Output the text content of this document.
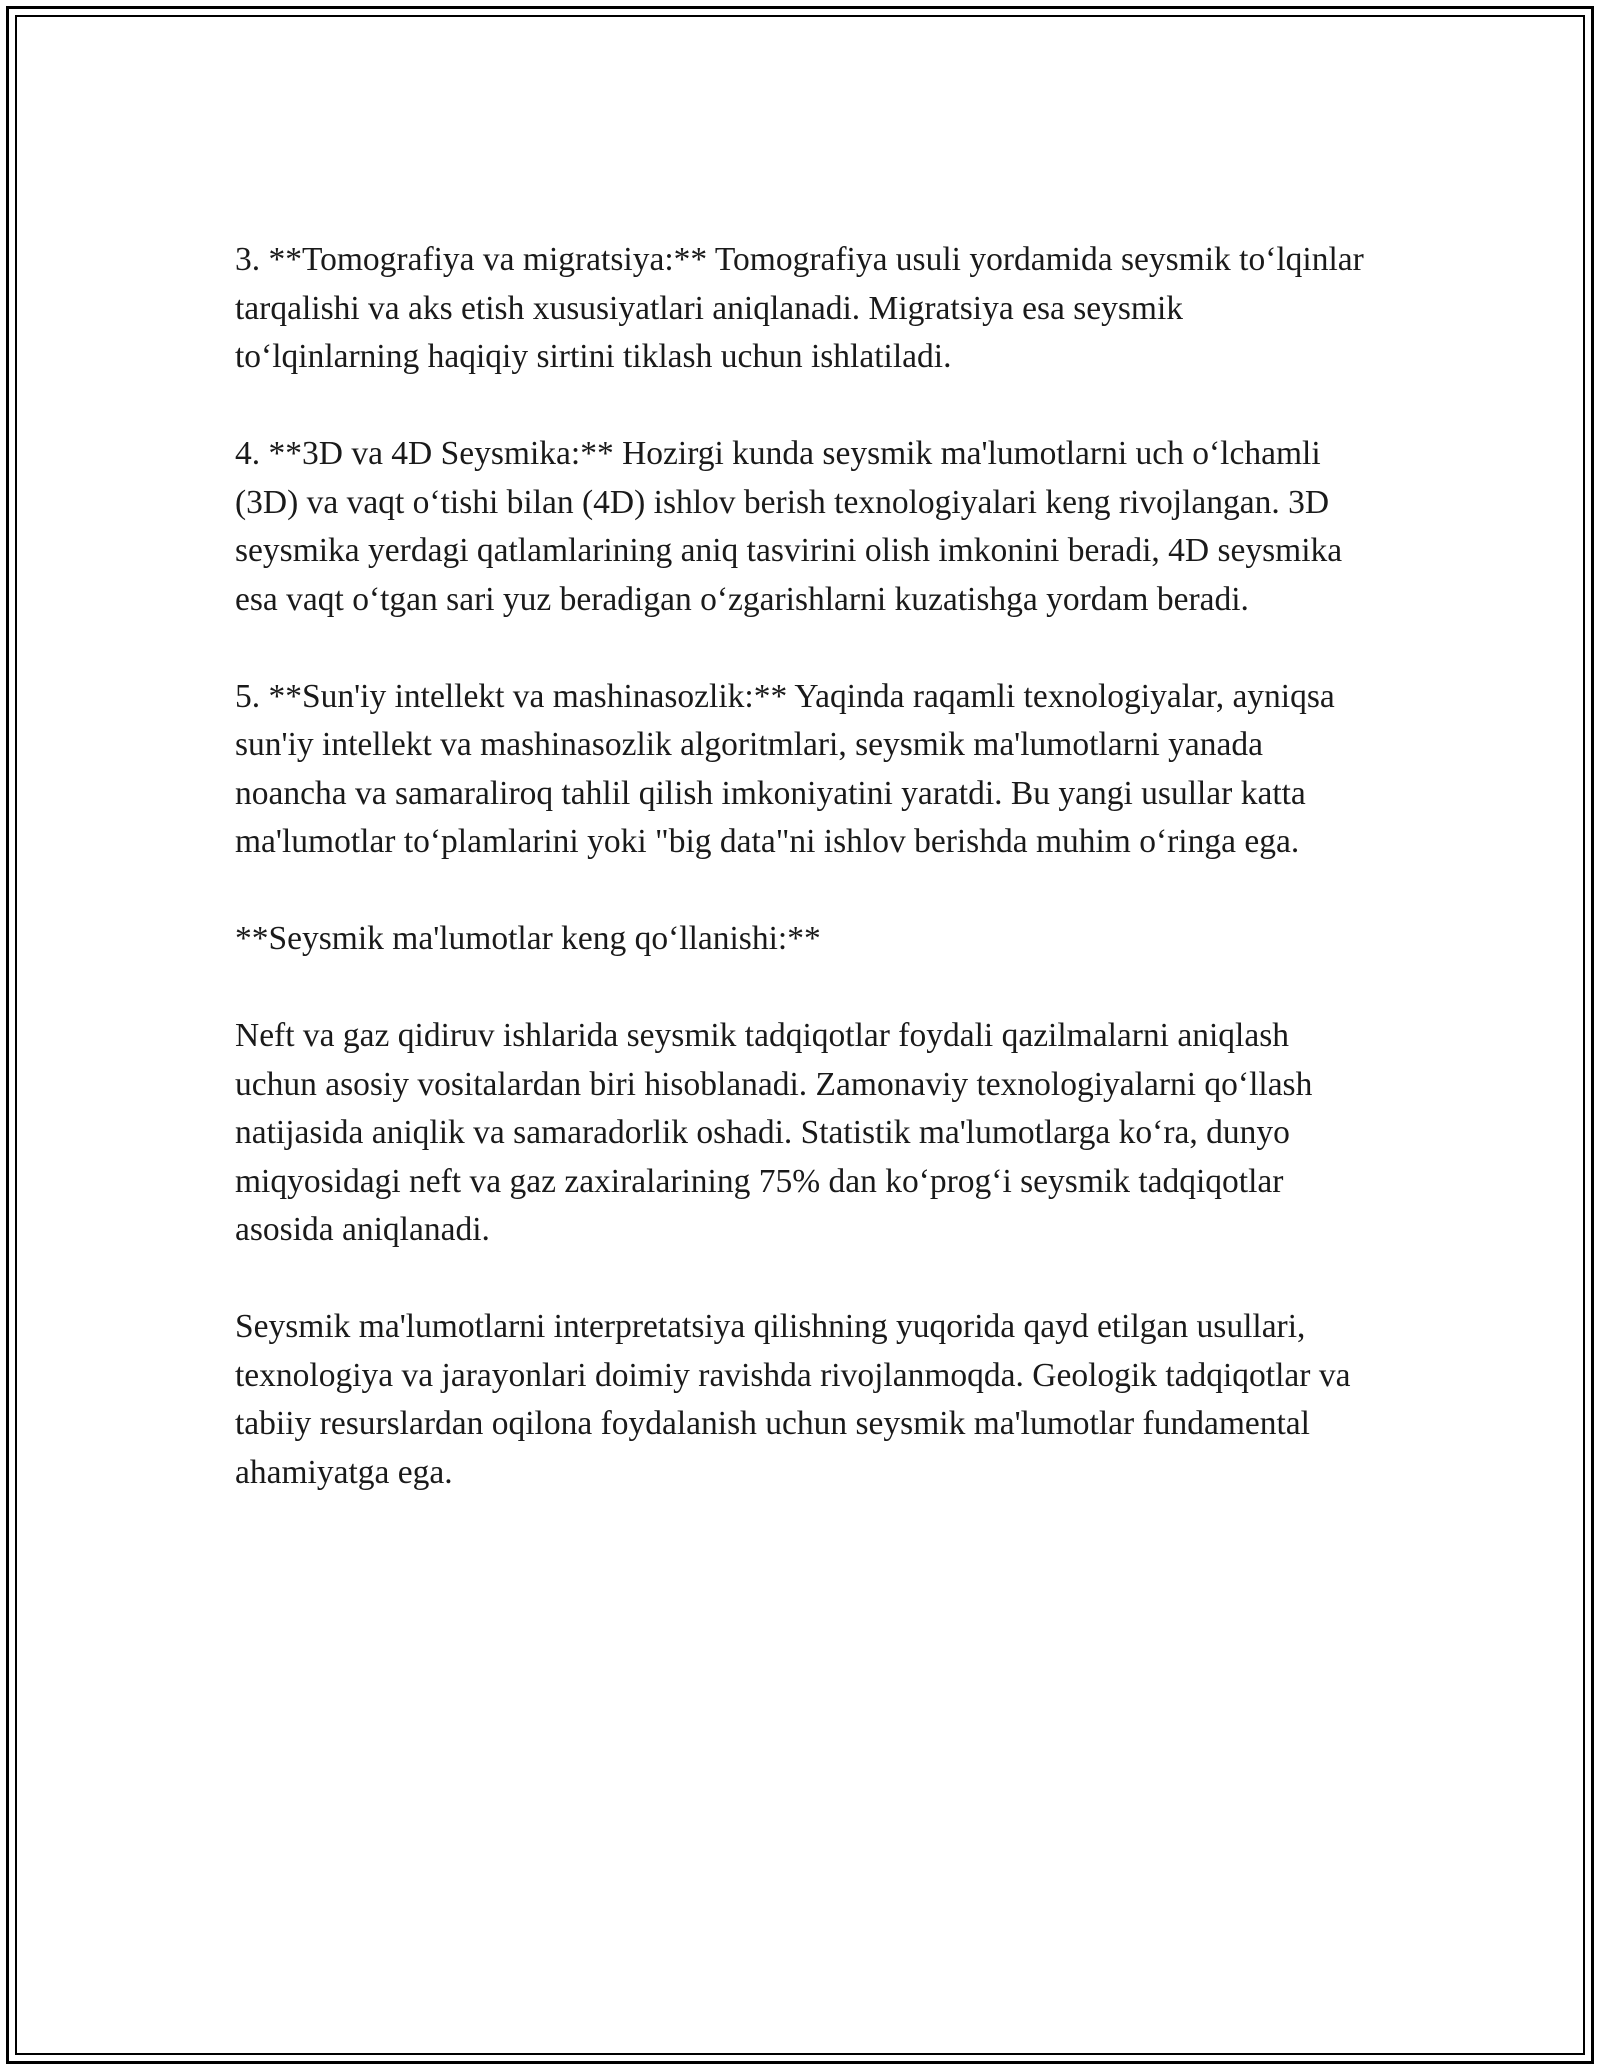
3. **Tomografiya va migratsiya:** Tomografiya usuli yordamida seysmik to‘lqinlar tarqalishi va aks etish xususiyatlari aniqlanadi. Migratsiya esa seysmik to‘lqinlarning haqiqiy sirtini tiklash uchun ishlatiladi.

4. **3D va 4D Seysmika:** Hozirgi kunda seysmik ma'lumotlarni uch o‘lchamli (3D) va vaqt o‘tishi bilan (4D) ishlov berish texnologiyalari keng rivojlangan. 3D seysmika yerdagi qatlamlarining aniq tasvirini olish imkonini beradi, 4D seysmika esa vaqt o‘tgan sari yuz beradigan o‘zgarishlarni kuzatishga yordam beradi.

5. **Sun'iy intellekt va mashinasozlik:** Yaqinda raqamli texnologiyalar, ayniqsa sun'iy intellekt va mashinasozlik algoritmlari, seysmik ma'lumotlarni yanada noancha va samaraliroq tahlil qilish imkoniyatini yaratdi. Bu yangi usullar katta ma'lumotlar to‘plamlarini yoki "big data"ni ishlov berishda muhim o‘ringa ega.

**Seysmik ma'lumotlar keng qo‘llanishi:**

Neft va gaz qidiruv ishlarida seysmik tadqiqotlar foydali qazilmalarni aniqlash uchun asosiy vositalardan biri hisoblanadi. Zamonaviy texnologiyalarni qo‘llash natijasida aniqlik va samaradorlik oshadi. Statistik ma'lumotlarga ko‘ra, dunyo miqyosidagi neft va gaz zaxiralarining 75% dan ko‘prog‘i seysmik tadqiqotlar asosida aniqlanadi.

Seysmik ma'lumotlarni interpretatsiya qilishning yuqorida qayd etilgan usullari, texnologiya va jarayonlari doimiy ravishda rivojlanmoqda. Geologik tadqiqotlar va tabiiy resurslardan oqilona foydalanish uchun seysmik ma'lumotlar fundamental ahamiyatga ega.
